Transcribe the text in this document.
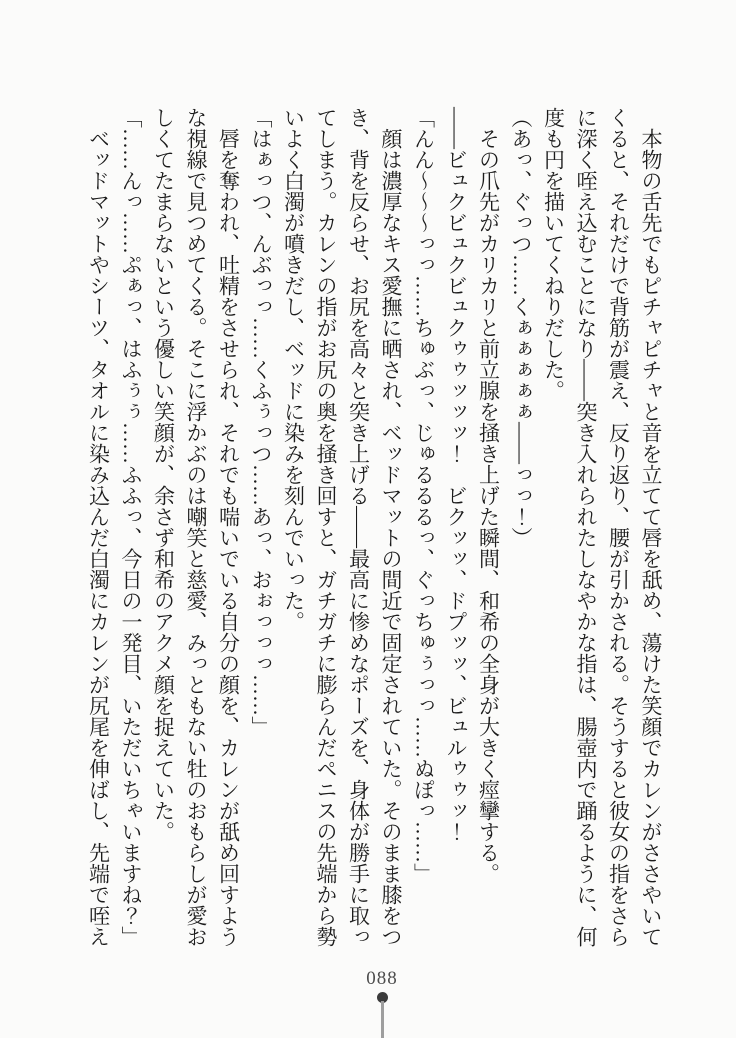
本物の舌先でもピチャピチャと音を立てて唇を舐め、蕩けた笑顔でカレンがささやいてくると、それだけで背筋が震え、反り返り、腰が引かされる。そうすると彼女の指をさらに深く咥え込むことになり――突き入れられたしなやかな指は、腸壺内で踊るように、何度も円を描いてくねりだした。

（あっ、ぐっつ……くぁぁぁぁぁ――っっ！）

その爪先がカリカリと前立腺を掻き上げた瞬間、和希の全身が大きく痙攣する。

――ビュクビュクビュクゥゥッッッ！　ビクッッ、ドプッッ、ビュルゥゥッ！

「んん〜〜〜っっ……ちゅぶっ、じゅるるるっ、ぐっちゅぅっっ……ぬぽっ……」

顔は濃厚なキス愛撫に晒され、ベッドマットの間近で固定されていた。そのまま膝をつき、背を反らせ、お尻を高々と突き上げる――最高に惨めなポーズを、身体が勝手に取ってしまう。カレンの指がお尻の奥を掻き回すと、ガチガチに膨らんだペニスの先端から勢いよく白濁が噴きだし、ベッドに染みを刻んでいった。

「はぁっつ、んぶっっ……くふぅっつ……あっ、おぉっっっ……」

唇を奪われ、吐精をさせられ、それでも喘いでいる自分の顔を、カレンが舐め回すような視線で見つめてくる。そこに浮かぶのは嘲笑と慈愛、みっともない牡のおもらしが愛おしくてたまらないという優しい笑顔が、余さず和希のアクメ顔を捉えていた。

「……んっ……ぷぁっ、はふぅぅ……ふふっ、今日の一発目、いただいちゃいますね？」

ベッドマットやシーツ、タオルに染み込んだ白濁にカレンが尻尾を伸ばし、先端で咥え

088
